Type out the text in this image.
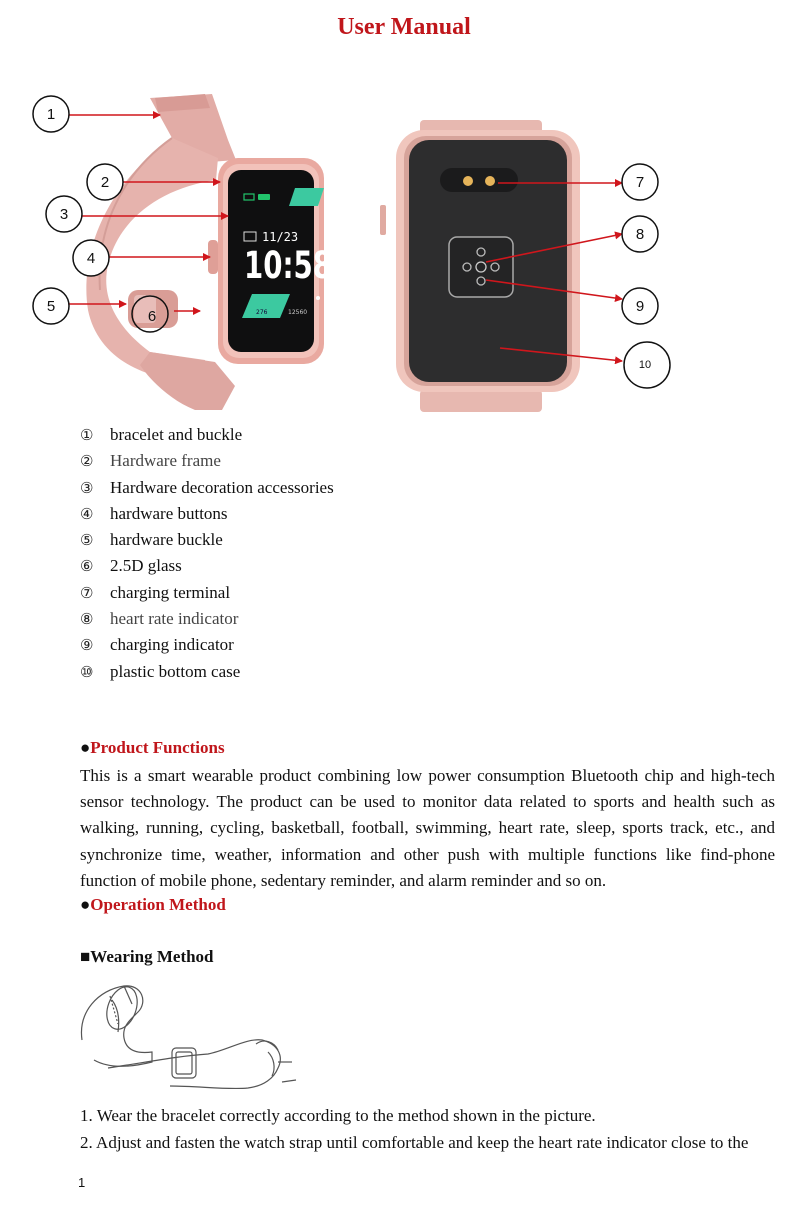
User Manual
11/23
10:58
276	12560
1
2
3
4
5
6
7
8
9
10
① bracelet and buckle
② Hardware frame
③ Hardware decoration accessories
④ hardware buttons
⑤ hardware buckle
⑥ 2.5D glass
⑦ charging terminal
⑧ heart rate indicator
⑨ charging indicator
⑩ plastic bottom case
●Product Functions
This is a smart wearable product combining low power consumption Bluetooth chip and high-tech sensor technology. The product can be used to monitor data related to sports and health such as walking, running, cycling, basketball, football, swimming, heart rate, sleep, sports track, etc., and synchronize time, weather, information and other push with multiple functions like find-phone function of mobile phone, sedentary reminder, and alarm reminder and so on.
●Operation Method
■Wearing Method
1. Wear the bracelet correctly according to the method shown in the picture.
2. Adjust and fasten the watch strap until comfortable and keep the heart rate indicator close to the
1
